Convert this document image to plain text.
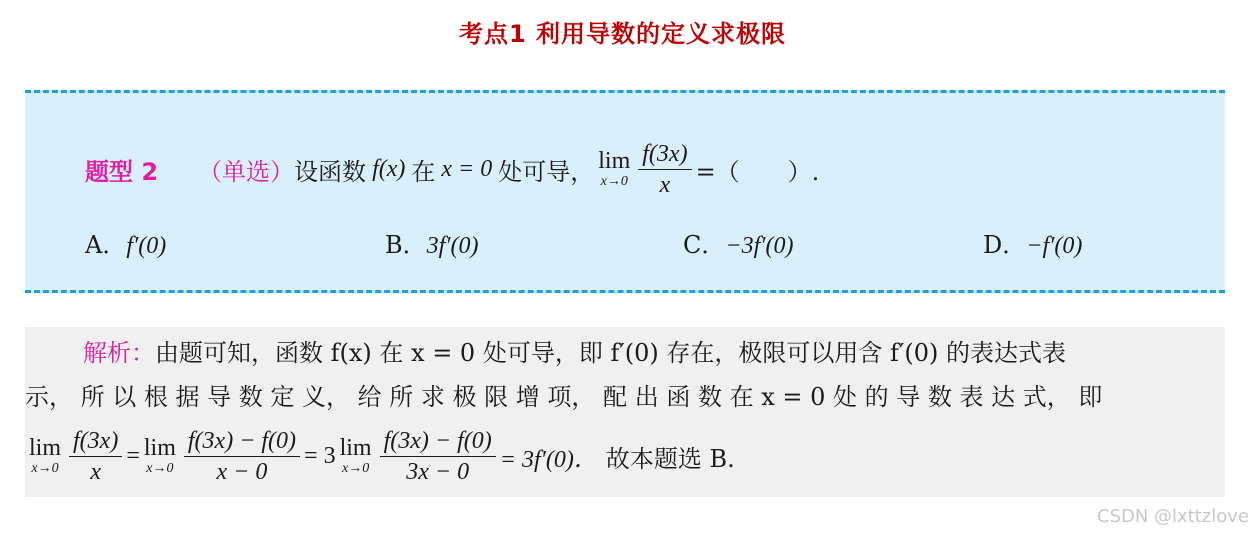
考点1 利用导数的定义求极限
题型 2 （单选） 设函数 f(x) 在 x = 0 处可导， lim
$x\to 0 \frac{f(3x)}{x}$ =（　　）.
A．f′(0)	B．3f′(0)	C．−3f′(0)	D．−f′(0)
解析：由题可知，函数 f(x) 在 x = 0 处可导，即 f′(0) 存在，极限可以用含 f′(0) 的表达式表
示， 所 以 根 据 导 数 定 义， 给 所 求 极 限 增 项， 配 出 函 数 在 x = 0 处 的 导 数 表 达 式， 即
lim
$x\to 0 \frac{f(3x)}{x} = \lim$
$x\to 0 \frac{f(3x) - f(0)}{x - 0} = 3$ lim
$x\to 0 \frac{f(3x) - f(0)}{3x - 0} = 3f'(0)$． 故本题选 B.
CSDN @lxttzlove
